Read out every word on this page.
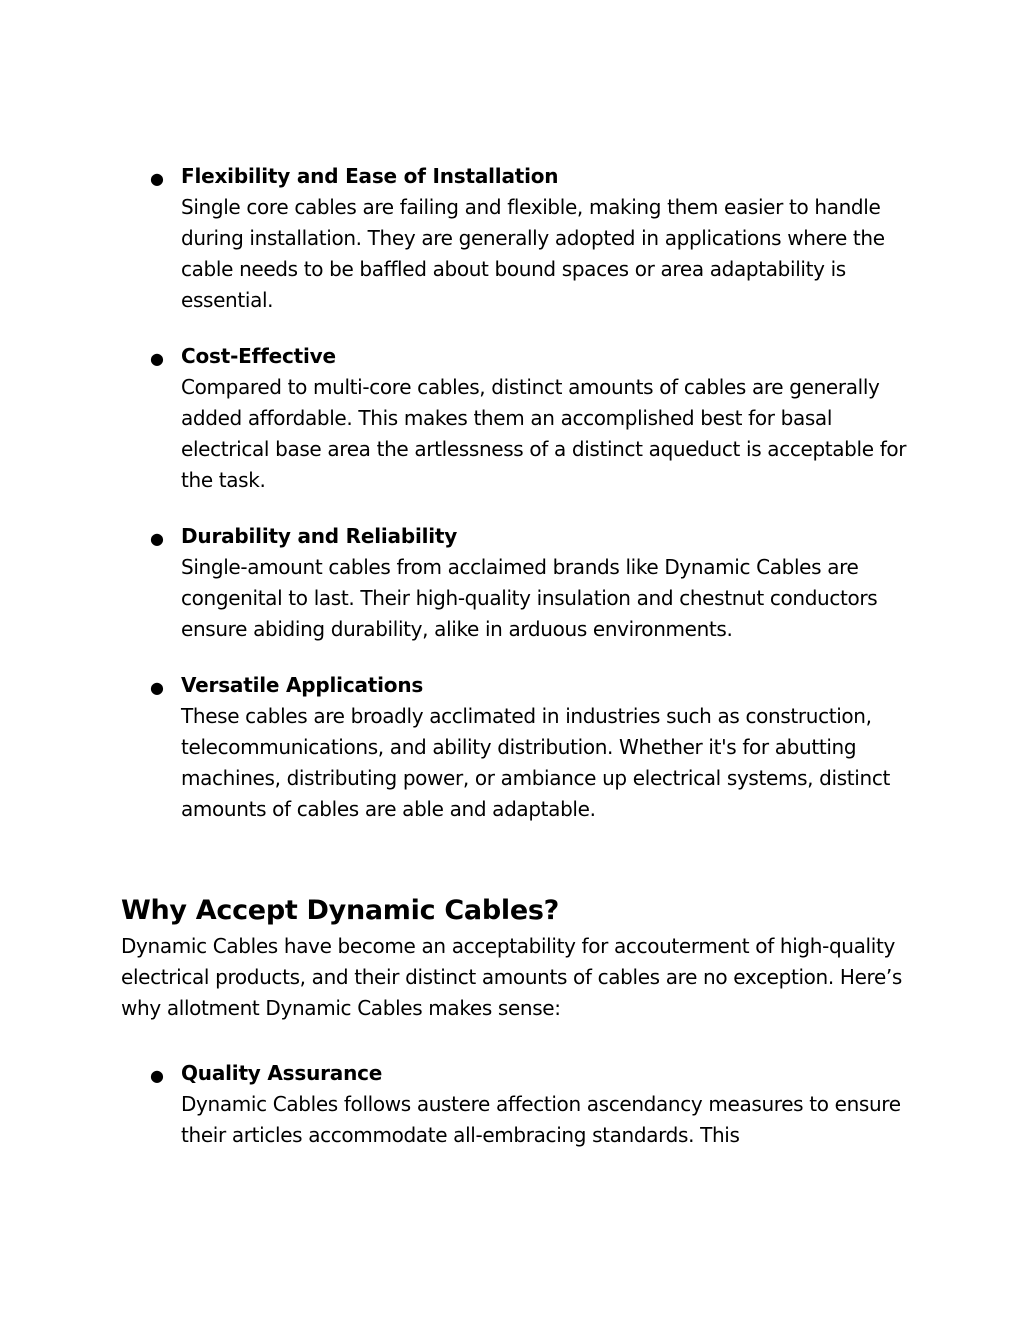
● Flexibility and Ease of Installation
Single core cables are failing and flexible, making them easier to handle during installation. They are generally adopted in applications where the cable needs to be baffled about bound spaces or area adaptability is essential.
● Cost-Effective
Compared to multi-core cables, distinct amounts of cables are generally added affordable. This makes them an accomplished best for basal electrical base area the artlessness of a distinct aqueduct is acceptable for the task.
● Durability and Reliability
Single-amount cables from acclaimed brands like Dynamic Cables are congenital to last. Their high-quality insulation and chestnut conductors ensure abiding durability, alike in arduous environments.
● Versatile Applications
These cables are broadly acclimated in industries such as construction, telecommunications, and ability distribution. Whether it's for abutting machines, distributing power, or ambiance up electrical systems, distinct amounts of cables are able and adaptable.
Why Accept Dynamic Cables?

Dynamic Cables have become an acceptability for accouterment of high-quality electrical products, and their distinct amounts of cables are no exception. Here’s why allotment Dynamic Cables makes sense:

● Quality Assurance
Dynamic Cables follows austere affection ascendancy measures to ensure their articles accommodate all-embracing standards. This
